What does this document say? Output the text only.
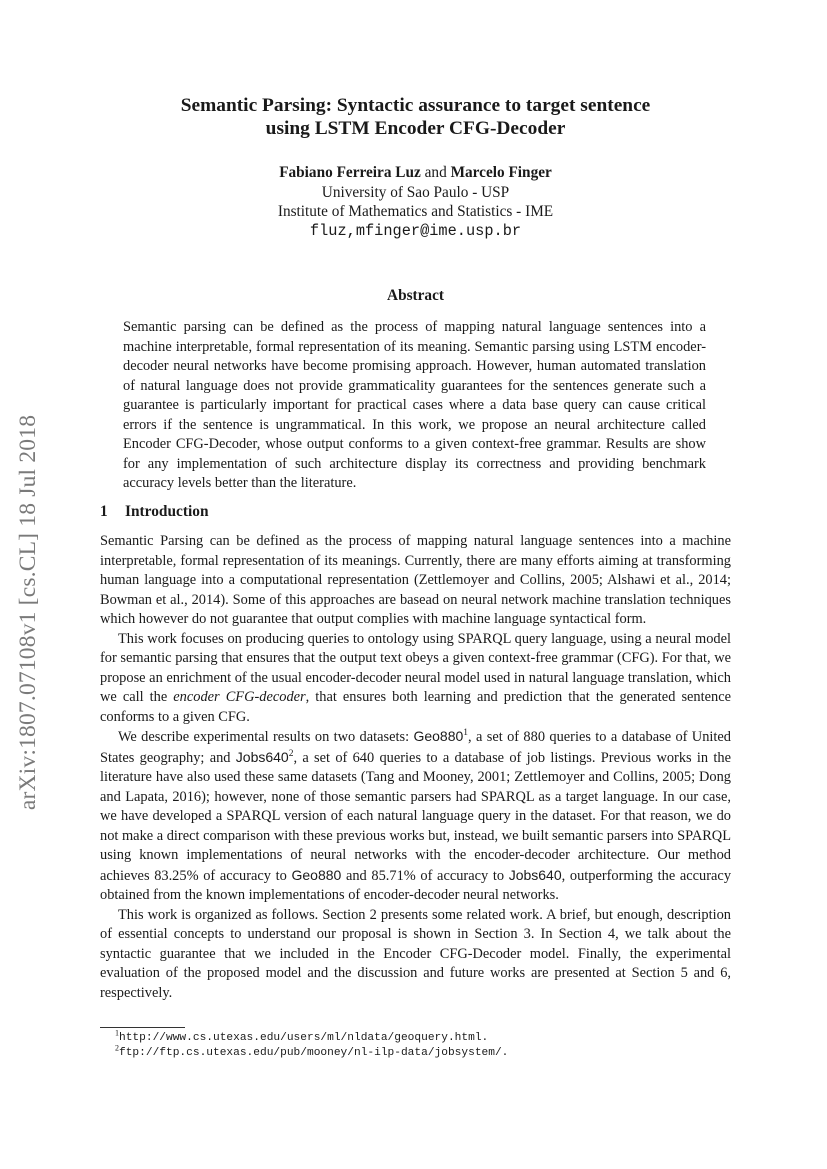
arXiv:1807.07108v1 [cs.CL] 18 Jul 2018
Semantic Parsing: Syntactic assurance to target sentence
using LSTM Encoder CFG-Decoder
Fabiano Ferreira Luz and Marcelo Finger
University of Sao Paulo - USP
Institute of Mathematics and Statistics - IME
fluz,mfinger@ime.usp.br
Abstract
Semantic parsing can be defined as the process of mapping natural language sentences into a machine interpretable, formal representation of its meaning. Semantic parsing using LSTM encoder-decoder neural networks have become promising approach. However, human automated translation of natural language does not provide grammaticality guarantees for the sentences generate such a guarantee is particularly important for practical cases where a data base query can cause critical errors if the sentence is ungrammatical. In this work, we propose an neural architecture called Encoder CFG-Decoder, whose output conforms to a given context-free grammar. Results are show for any implementation of such architecture display its correctness and providing benchmark accuracy levels better than the literature.
1 Introduction

Semantic Parsing can be defined as the process of mapping natural language sentences into a machine interpretable, formal representation of its meanings. Currently, there are many efforts aiming at transforming human language into a computational representation (Zettlemoyer and Collins, 2005; Alshawi et al., 2014; Bowman et al., 2014). Some of this approaches are basead on neural network machine translation techniques which however do not guarantee that output complies with machine language syntactical form.

This work focuses on producing queries to ontology using SPARQL query language, using a neural model for semantic parsing that ensures that the output text obeys a given context-free grammar (CFG). For that, we propose an enrichment of the usual encoder-decoder neural model used in natural language translation, which we call the encoder CFG-decoder, that ensures both learning and prediction that the generated sentence conforms to a given CFG.

We describe experimental results on two datasets: $Geo880^1$, a set of 880 queries to a database of United States geography; and $Jobs640^2$, a set of 640 queries to a database of job listings. Previous works in the literature have also used these same datasets (Tang and Mooney, 2001; Zettlemoyer and Collins, 2005; Dong and Lapata, 2016); however, none of those semantic parsers had SPARQL as a target language. In our case, we have developed a SPARQL version of each natural language query in the dataset. For that reason, we do not make a direct comparison with these previous works but, instead, we built semantic parsers into SPARQL using known implementations of neural networks with the encoder-decoder architecture. Our method achieves 83.25% of accuracy to Geo880 and 85.71% of accuracy to Jobs640, outperforming the accuracy obtained from the known implementations of encoder-decoder neural networks.

This work is organized as follows. Section 2 presents some related work. A brief, but enough, description of essential concepts to understand our proposal is shown in Section 3. In Section 4, we talk about the syntactic guarantee that we included in the Encoder CFG-Decoder model. Finally, the experimental evaluation of the proposed model and the discussion and future works are presented at Section 5 and 6, respectively.

$^1$http://www.cs.utexas.edu/users/ml/nldata/geoquery.html.
$^2$ftp://ftp.cs.utexas.edu/pub/mooney/nl-ilp-data/jobsystem/.
